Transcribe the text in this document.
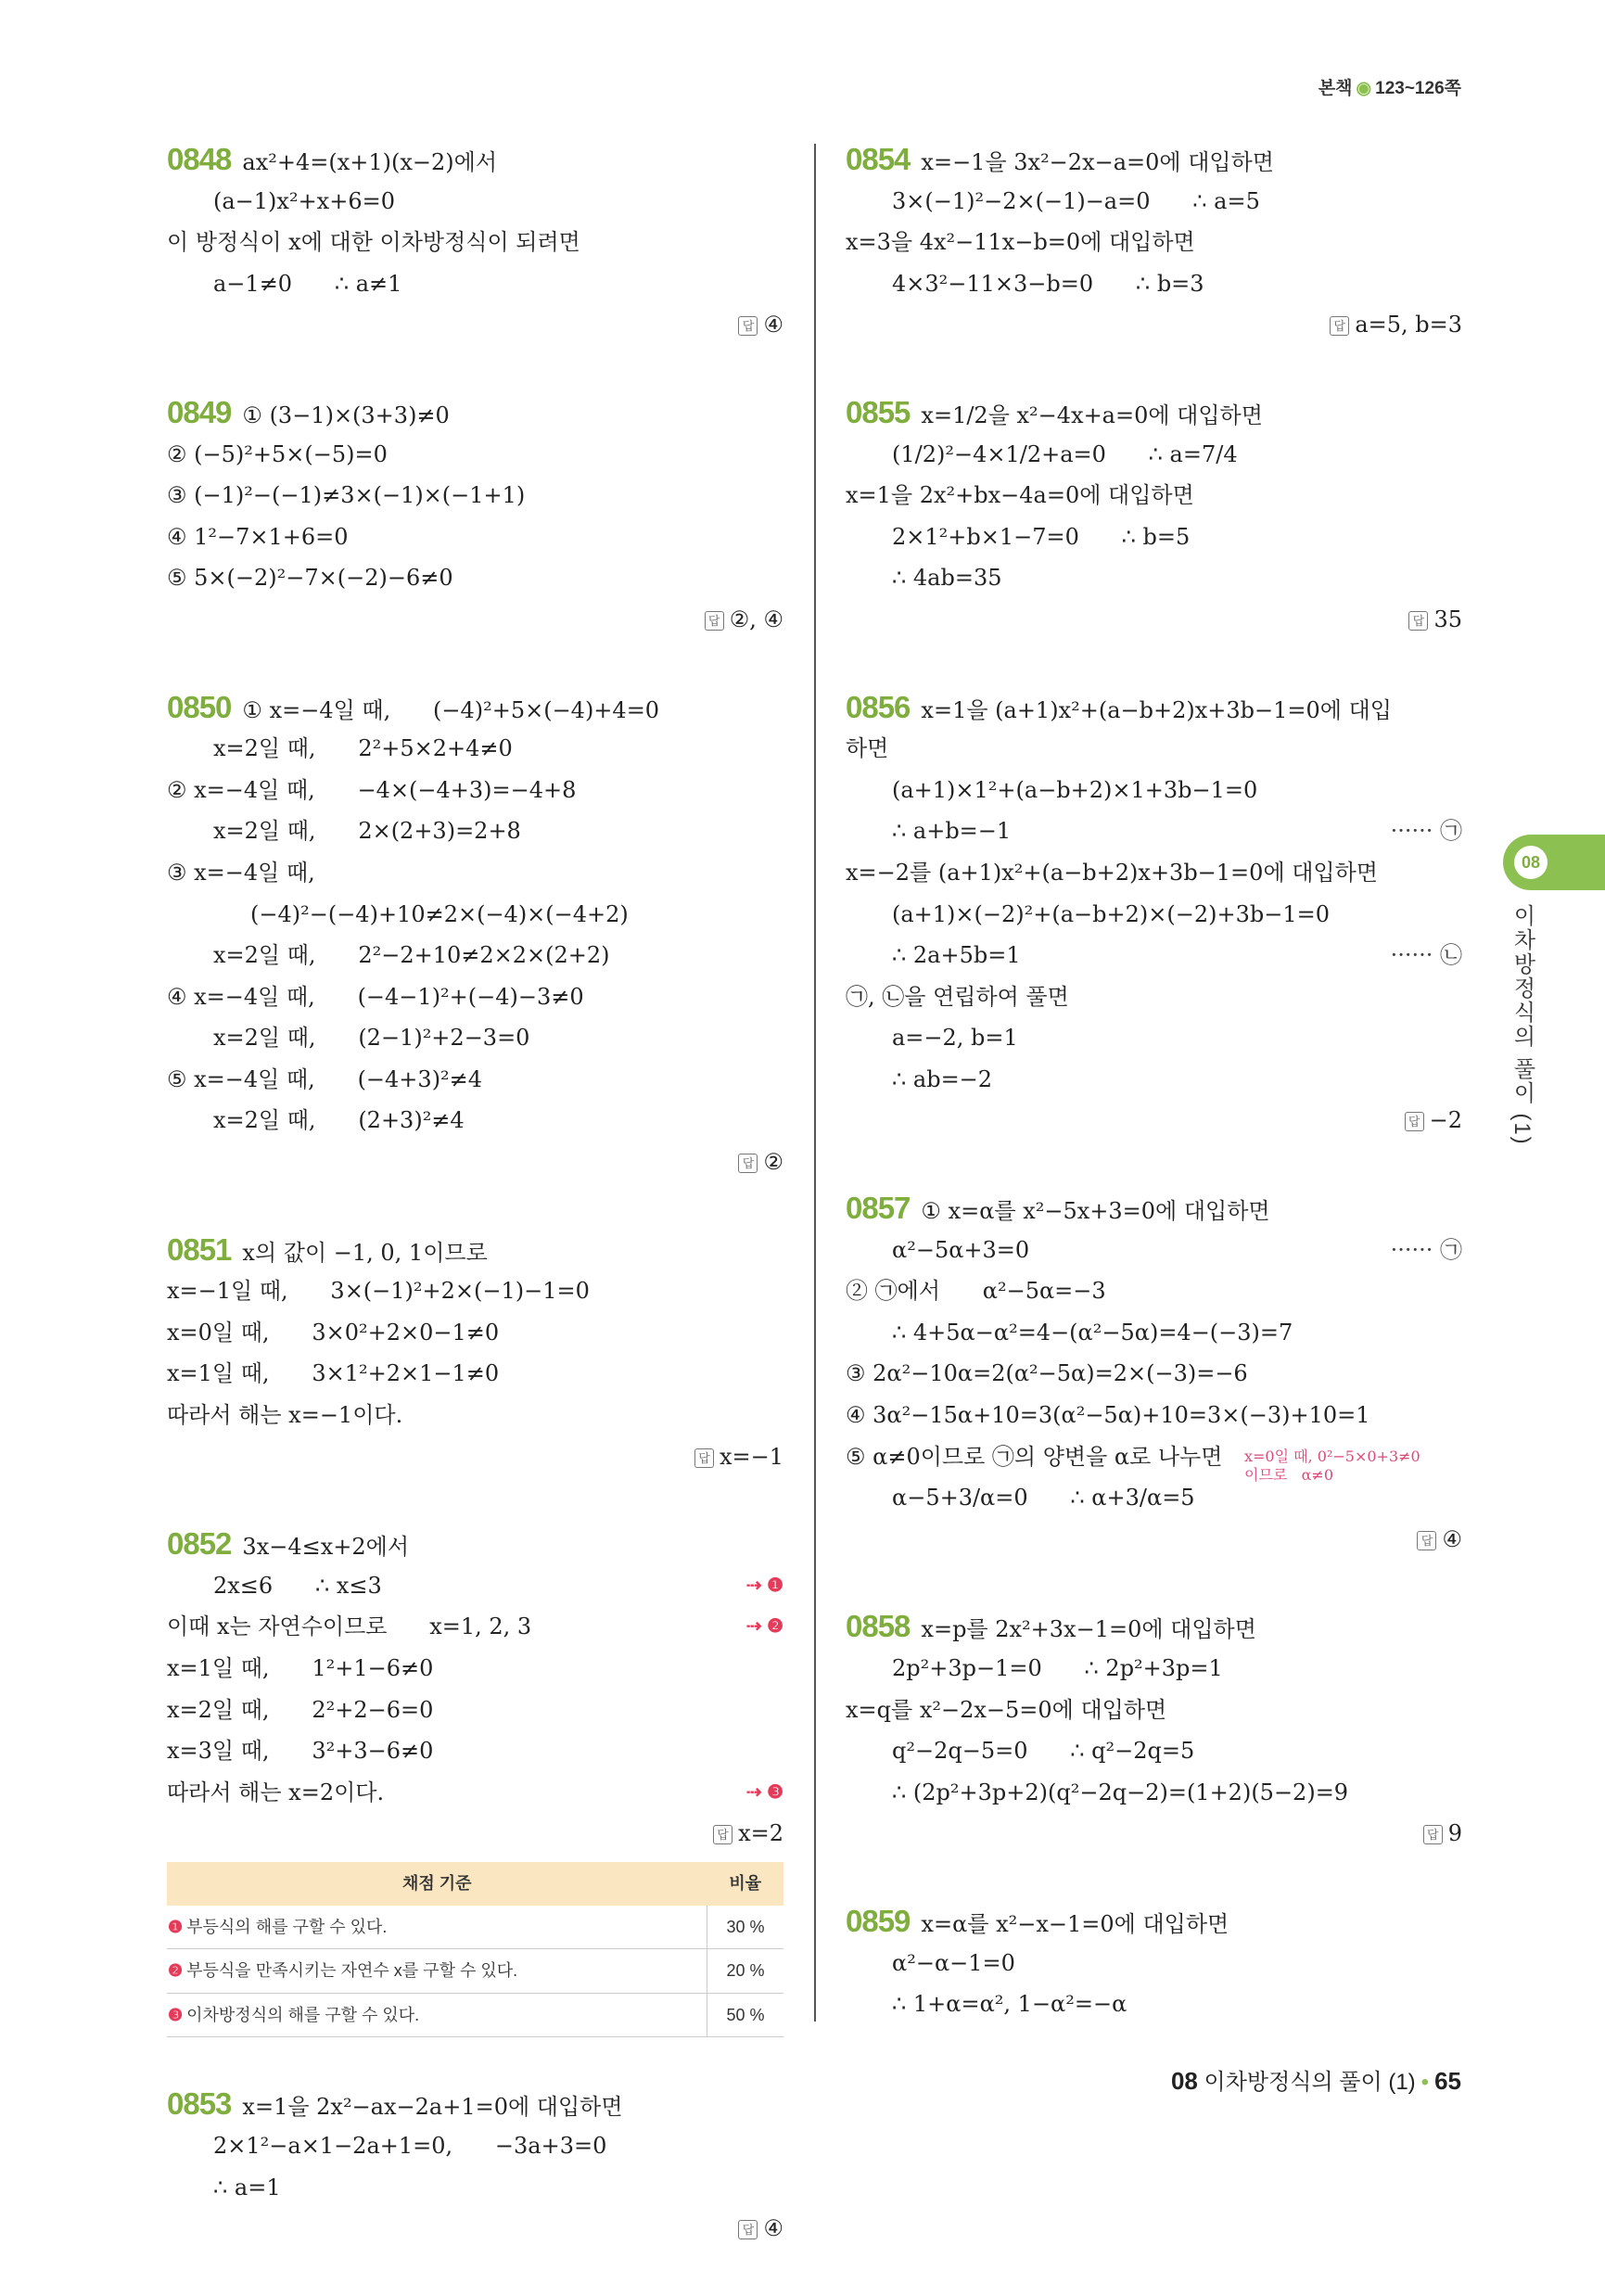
본책 ◉ 123~126쪽
0848 ax²+4=(x+1)(x−2)에서
(a−1)x²+x+6=0
이 방정식이 x에 대한 이차방정식이 되려면
a−1≠0      ∴ a≠1
답 ④
0849 ① (3−1)×(3+3)≠0
② (−5)²+5×(−5)=0
③ (−1)²−(−1)≠3×(−1)×(−1+1)
④ 1²−7×1+6=0
⑤ 5×(−2)²−7×(−2)−6≠0
답 ②, ④
0850 ① x=−4일 때,      (−4)²+5×(−4)+4=0
x=2일 때,      2²+5×2+4≠0
② x=−4일 때,      −4×(−4+3)=−4+8
x=2일 때,      2×(2+3)=2+8
③ x=−4일 때,
(−4)²−(−4)+10≠2×(−4)×(−4+2)
x=2일 때,      2²−2+10≠2×2×(2+2)
④ x=−4일 때,      (−4−1)²+(−4)−3≠0
x=2일 때,      (2−1)²+2−3=0
⑤ x=−4일 때,      (−4+3)²≠4
x=2일 때,      (2+3)²≠4
답 ②
0851 x의 값이 −1, 0, 1이므로
x=−1일 때,      3×(−1)²+2×(−1)−1=0
x=0일 때,      3×0²+2×0−1≠0
x=1일 때,      3×1²+2×1−1≠0
따라서 해는 x=−1이다.
답 x=−1
0852 3x−4≤x+2에서
2x≤6      ∴ x≤3	⇢ ❶
이때 x는 자연수이므로      x=1, 2, 3	⇢ ❷
x=1일 때,      1²+1−6≠0
x=2일 때,      2²+2−6=0
x=3일 때,      3²+3−6≠0
따라서 해는 x=2이다.	⇢ ❸
답 x=2
채점 기준	비율
❶ 부등식의 해를 구할 수 있다.	30 %
❷ 부등식을 만족시키는 자연수 x를 구할 수 있다.	20 %
❸ 이차방정식의 해를 구할 수 있다.	50 %
0853 x=1을 2x²−ax−2a+1=0에 대입하면
2×1²−a×1−2a+1=0,      −3a+3=0
∴ a=1
답 ④
0854 x=−1을 3x²−2x−a=0에 대입하면
3×(−1)²−2×(−1)−a=0      ∴ a=5
x=3을 4x²−11x−b=0에 대입하면
4×3²−11×3−b=0      ∴ b=3
답 a=5, b=3
0855 x=1/2을 x²−4x+a=0에 대입하면
(1/2)²−4×1/2+a=0      ∴ a=7/4
x=1을 2x²+bx−4a=0에 대입하면
2×1²+b×1−7=0      ∴ b=5
∴ 4ab=35
답 35
0856 x=1을 (a+1)x²+(a−b+2)x+3b−1=0에 대입
하면
(a+1)×1²+(a−b+2)×1+3b−1=0
∴ a+b=−1	······ ㉠
x=−2를 (a+1)x²+(a−b+2)x+3b−1=0에 대입하면
(a+1)×(−2)²+(a−b+2)×(−2)+3b−1=0
∴ 2a+5b=1	······ ㉡
㉠, ㉡을 연립하여 풀면
a=−2, b=1
∴ ab=−2
답 −2
0857 ① x=α를 x²−5x+3=0에 대입하면
α²−5α+3=0	······ ㉠
② ㉠에서      α²−5α=−3
∴ 4+5α−α²=4−(α²−5α)=4−(−3)=7
③ 2α²−10α=2(α²−5α)=2×(−3)=−6
④ 3α²−15α+10=3(α²−5α)+10=3×(−3)+10=1
⑤ α≠0이므로 ㉠의 양변을 α로 나누면 x=0일 때, 0²−5×0+3≠0
이므로   α≠0
α−5+3/α=0      ∴ α+3/α=5
답 ④
0858 x=p를 2x²+3x−1=0에 대입하면
2p²+3p−1=0      ∴ 2p²+3p=1
x=q를 x²−2x−5=0에 대입하면
q²−2q−5=0      ∴ q²−2q=5
∴ (2p²+3p+2)(q²−2q−2)=(1+2)(5−2)=9
답 9
0859 x=α를 x²−x−1=0에 대입하면
α²−α−1=0
∴ 1+α=α², 1−α²=−α
08
이차방정식의 풀이 (1)
08 이차방정식의 풀이 (1) • 65
